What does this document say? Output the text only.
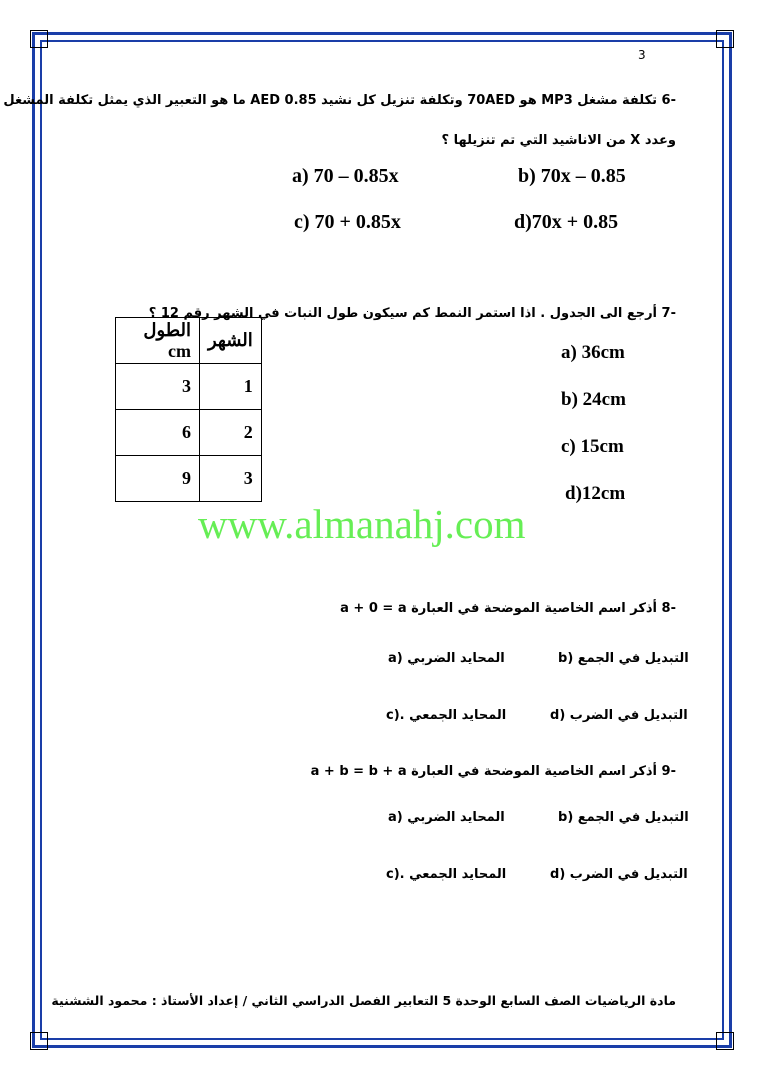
3
-6 تكلفة مشغل MP3 هو 70AED وتكلفة تنزيل كل نشيد 0.85 AED ما هو التعبير الذي يمثل تكلفة المشغل
وعدد X من الاناشيد التي تم تنزيلها ؟
a) 70 – 0.85x	b) 70x – 0.85
c) 70 + 0.85x	d)70x + 0.85
-7 أرجع الى الجدول . اذا استمر النمط كم سيكون طول النبات في الشهر رقم 12 ؟
الطول cm	الشهر
3	1
6	2
9	3
a) 36cm
b) 24cm
c) 15cm
d)12cm
www.almanahj.com
-8 أذكر اسم الخاصية الموضحة في العبارة a + 0 = a
المحايد الضربي (a	التبديل في الجمع (b
المحايد الجمعي .(c	التبديل في الضرب (d
-9 أذكر اسم الخاصية الموضحة في العبارة a + b = b + a
المحايد الضربي (a	التبديل في الجمع (b
المحايد الجمعي .(c	التبديل في الضرب (d
مادة الرياضيات الصف السابع الوحدة 5 التعابير الفصل الدراسي الثاني / إعداد الأستاذ : محمود الششنية
